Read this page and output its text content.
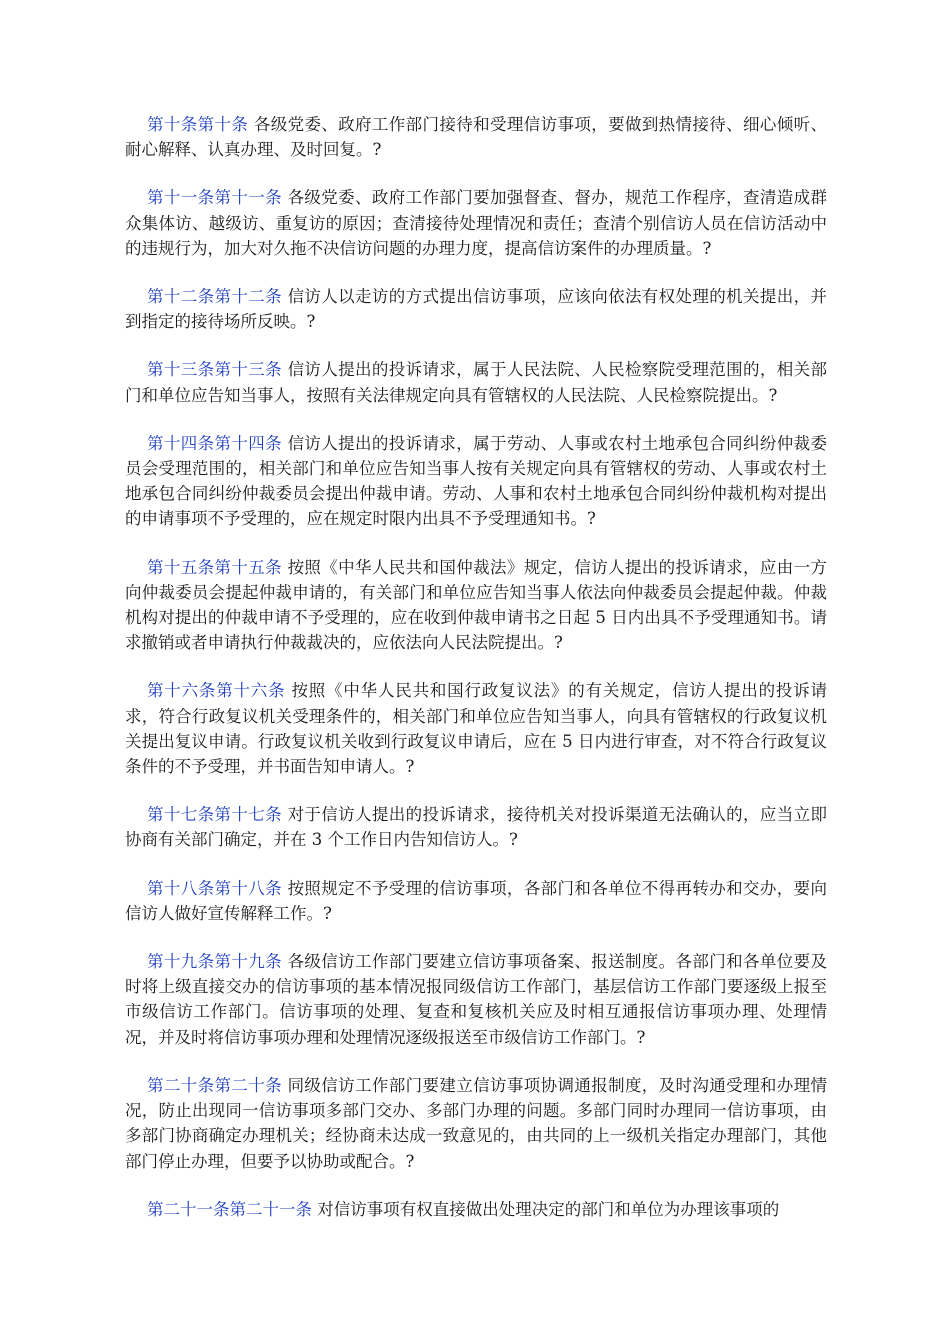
第十条第十条 各级党委、政府工作部门接待和受理信访事项，要做到热情接待、细心倾听、耐心解释、认真办理、及时回复。?

第十一条第十一条 各级党委、政府工作部门要加强督查、督办，规范工作程序，查清造成群众集体访、越级访、重复访的原因；查清接待处理情况和责任；查清个别信访人员在信访活动中的违规行为，加大对久拖不决信访问题的办理力度，提高信访案件的办理质量。?

第十二条第十二条 信访人以走访的方式提出信访事项，应该向依法有权处理的机关提出，并到指定的接待场所反映。?

第十三条第十三条 信访人提出的投诉请求，属于人民法院、人民检察院受理范围的，相关部门和单位应告知当事人，按照有关法律规定向具有管辖权的人民法院、人民检察院提出。?

第十四条第十四条 信访人提出的投诉请求，属于劳动、人事或农村土地承包合同纠纷仲裁委员会受理范围的，相关部门和单位应告知当事人按有关规定向具有管辖权的劳动、人事或农村土地承包合同纠纷仲裁委员会提出仲裁申请。劳动、人事和农村土地承包合同纠纷仲裁机构对提出的申请事项不予受理的，应在规定时限内出具不予受理通知书。?

第十五条第十五条 按照《中华人民共和国仲裁法》规定，信访人提出的投诉请求，应由一方向仲裁委员会提起仲裁申请的，有关部门和单位应告知当事人依法向仲裁委员会提起仲裁。仲裁机构对提出的仲裁申请不予受理的，应在收到仲裁申请书之日起 5 日内出具不予受理通知书。请求撤销或者申请执行仲裁裁决的，应依法向人民法院提出。?

第十六条第十六条 按照《中华人民共和国行政复议法》的有关规定，信访人提出的投诉请求，符合行政复议机关受理条件的，相关部门和单位应告知当事人，向具有管辖权的行政复议机关提出复议申请。行政复议机关收到行政复议申请后，应在 5 日内进行审查，对不符合行政复议条件的不予受理，并书面告知申请人。?

第十七条第十七条 对于信访人提出的投诉请求，接待机关对投诉渠道无法确认的，应当立即协商有关部门确定，并在 3 个工作日内告知信访人。?

第十八条第十八条 按照规定不予受理的信访事项，各部门和各单位不得再转办和交办，要向信访人做好宣传解释工作。?

第十九条第十九条 各级信访工作部门要建立信访事项备案、报送制度。各部门和各单位要及时将上级直接交办的信访事项的基本情况报同级信访工作部门，基层信访工作部门要逐级上报至市级信访工作部门。信访事项的处理、复查和复核机关应及时相互通报信访事项办理、处理情况，并及时将信访事项办理和处理情况逐级报送至市级信访工作部门。?

第二十条第二十条 同级信访工作部门要建立信访事项协调通报制度，及时沟通受理和办理情况，防止出现同一信访事项多部门交办、多部门办理的问题。多部门同时办理同一信访事项，由多部门协商确定办理机关；经协商未达成一致意见的，由共同的上一级机关指定办理部门，其他部门停止办理，但要予以协助或配合。?

第二十一条第二十一条 对信访事项有权直接做出处理决定的部门和单位为办理该事项的
